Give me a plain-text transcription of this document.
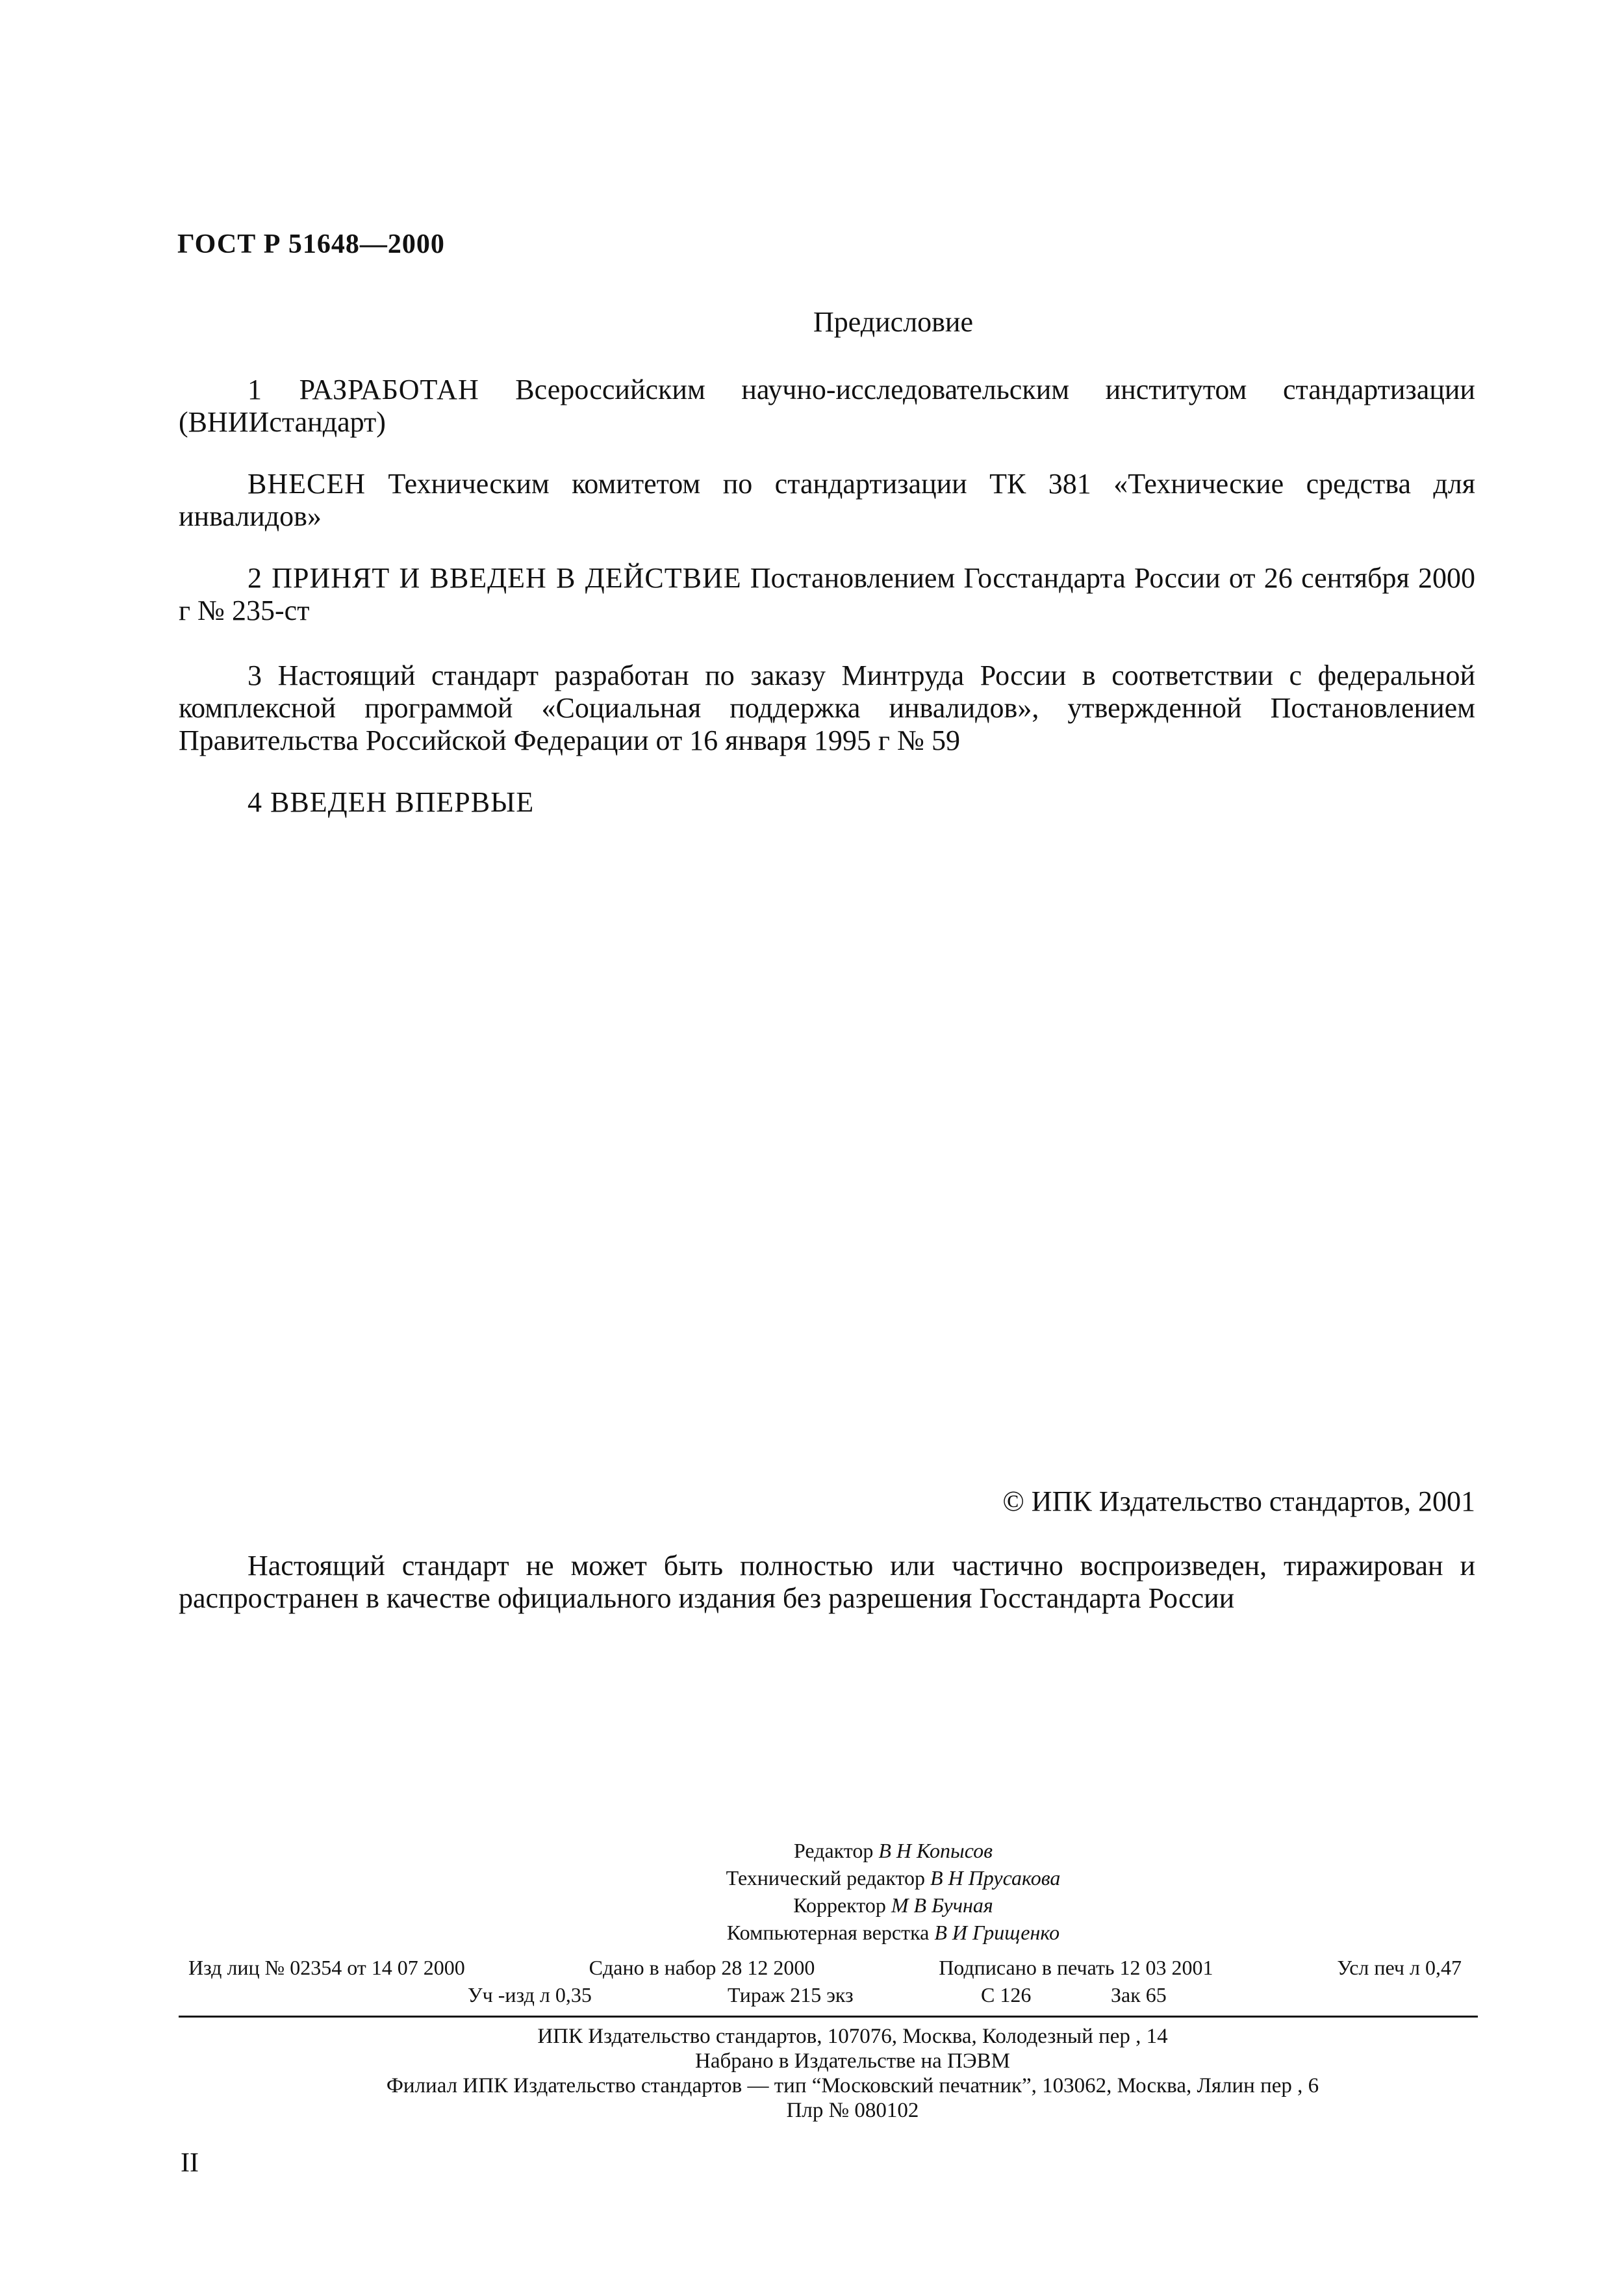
ГОСТ Р 51648—2000
Предисловие
1 РАЗРАБОТАН Всероссийским научно-исследовательским институтом стандартизации (ВНИИстандарт)
ВНЕСЕН Техническим комитетом по стандартизации ТК 381 «Технические средства для инвалидов»
2 ПРИНЯТ И ВВЕДЕН В ДЕЙСТВИЕ Постановлением Госстандарта России от 26 сентября 2000 г № 235-ст
3 Настоящий стандарт разработан по заказу Минтруда России в соответствии с федеральной комплексной программой «Социальная поддержка инвалидов», утвержденной Постановлением Правительства Российской Федерации от 16 января 1995 г № 59
4 ВВЕДЕН ВПЕРВЫЕ
© ИПК Издательство стандартов, 2001
Настоящий стандарт не может быть полностью или частично воспроизведен, тиражирован и распространен в качестве официального издания без разрешения Госстандарта России
Редактор В Н Копысов
Технический редактор В Н Прусакова
Корректор М В Бучная
Компьютерная верстка В И Грищенко
Изд лиц № 02354 от 14 07 2000	Сдано в набор 28 12 2000	Подписано в печать 12 03 2001	Усл печ л 0,47
Уч -изд л 0,35	Тираж 215 экз	С 126	Зак 65
ИПК Издательство стандартов, 107076, Москва, Колодезный пер , 14
Набрано в Издательстве на ПЭВМ
Филиал ИПК Издательство стандартов — тип “Московский печатник”, 103062, Москва, Лялин пер , 6
Плр № 080102
II
